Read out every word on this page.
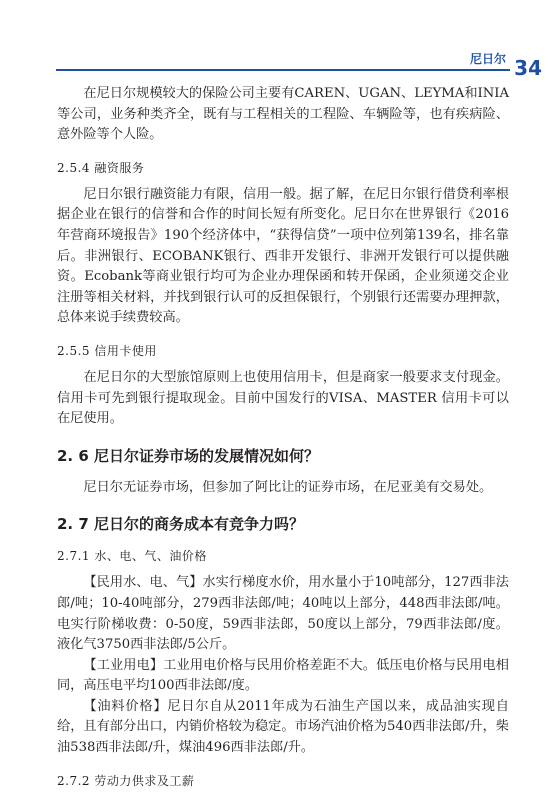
尼日尔 34

在尼日尔规模较大的保险公司主要有CAREN、UGAN、LEYMA和INIA等公司，业务种类齐全，既有与工程相关的工程险、车辆险等，也有疾病险、意外险等个人险。

2.5.4 融资服务

尼日尔银行融资能力有限，信用一般。据了解，在尼日尔银行借贷利率根据企业在银行的信誉和合作的时间长短有所变化。尼日尔在世界银行《2016年营商环境报告》190个经济体中，“获得信贷”一项中位列第139名，排名靠后。非洲银行、ECOBANK银行、西非开发银行、非洲开发银行可以提供融资。Ecobank等商业银行均可为企业办理保函和转开保函，企业须递交企业注册等相关材料，并找到银行认可的反担保银行，个别银行还需要办理押款，总体来说手续费较高。

2.5.5 信用卡使用

在尼日尔的大型旅馆原则上也使用信用卡，但是商家一般要求支付现金。信用卡可先到银行提取现金。目前中国发行的VISA、MASTER 信用卡可以在尼使用。

2. 6 尼日尔证券市场的发展情况如何？

尼日尔无证券市场，但参加了阿比让的证券市场，在尼亚美有交易处。

2. 7 尼日尔的商务成本有竞争力吗？
2.7.1 水、电、气、油价格

【民用水、电、气】水实行梯度水价，用水量小于10吨部分，127西非法郎/吨；10-40吨部分，279西非法郎/吨；40吨以上部分，448西非法郎/吨。电实行阶梯收费：0-50度，59西非法郎，50度以上部分，79西非法郎/度。液化气3750西非法郎/5公斤。

【工业用电】工业用电价格与民用价格差距不大。低压电价格与民用电相同，高压电平均100西非法郎/度。

【油料价格】尼日尔自从2011年成为石油生产国以来，成品油实现自给，且有部分出口，内销价格较为稳定。市场汽油价格为540西非法郎/升，柴油538西非法郎/升，煤油496西非法郎/升。

2.7.2 劳动力供求及工薪
